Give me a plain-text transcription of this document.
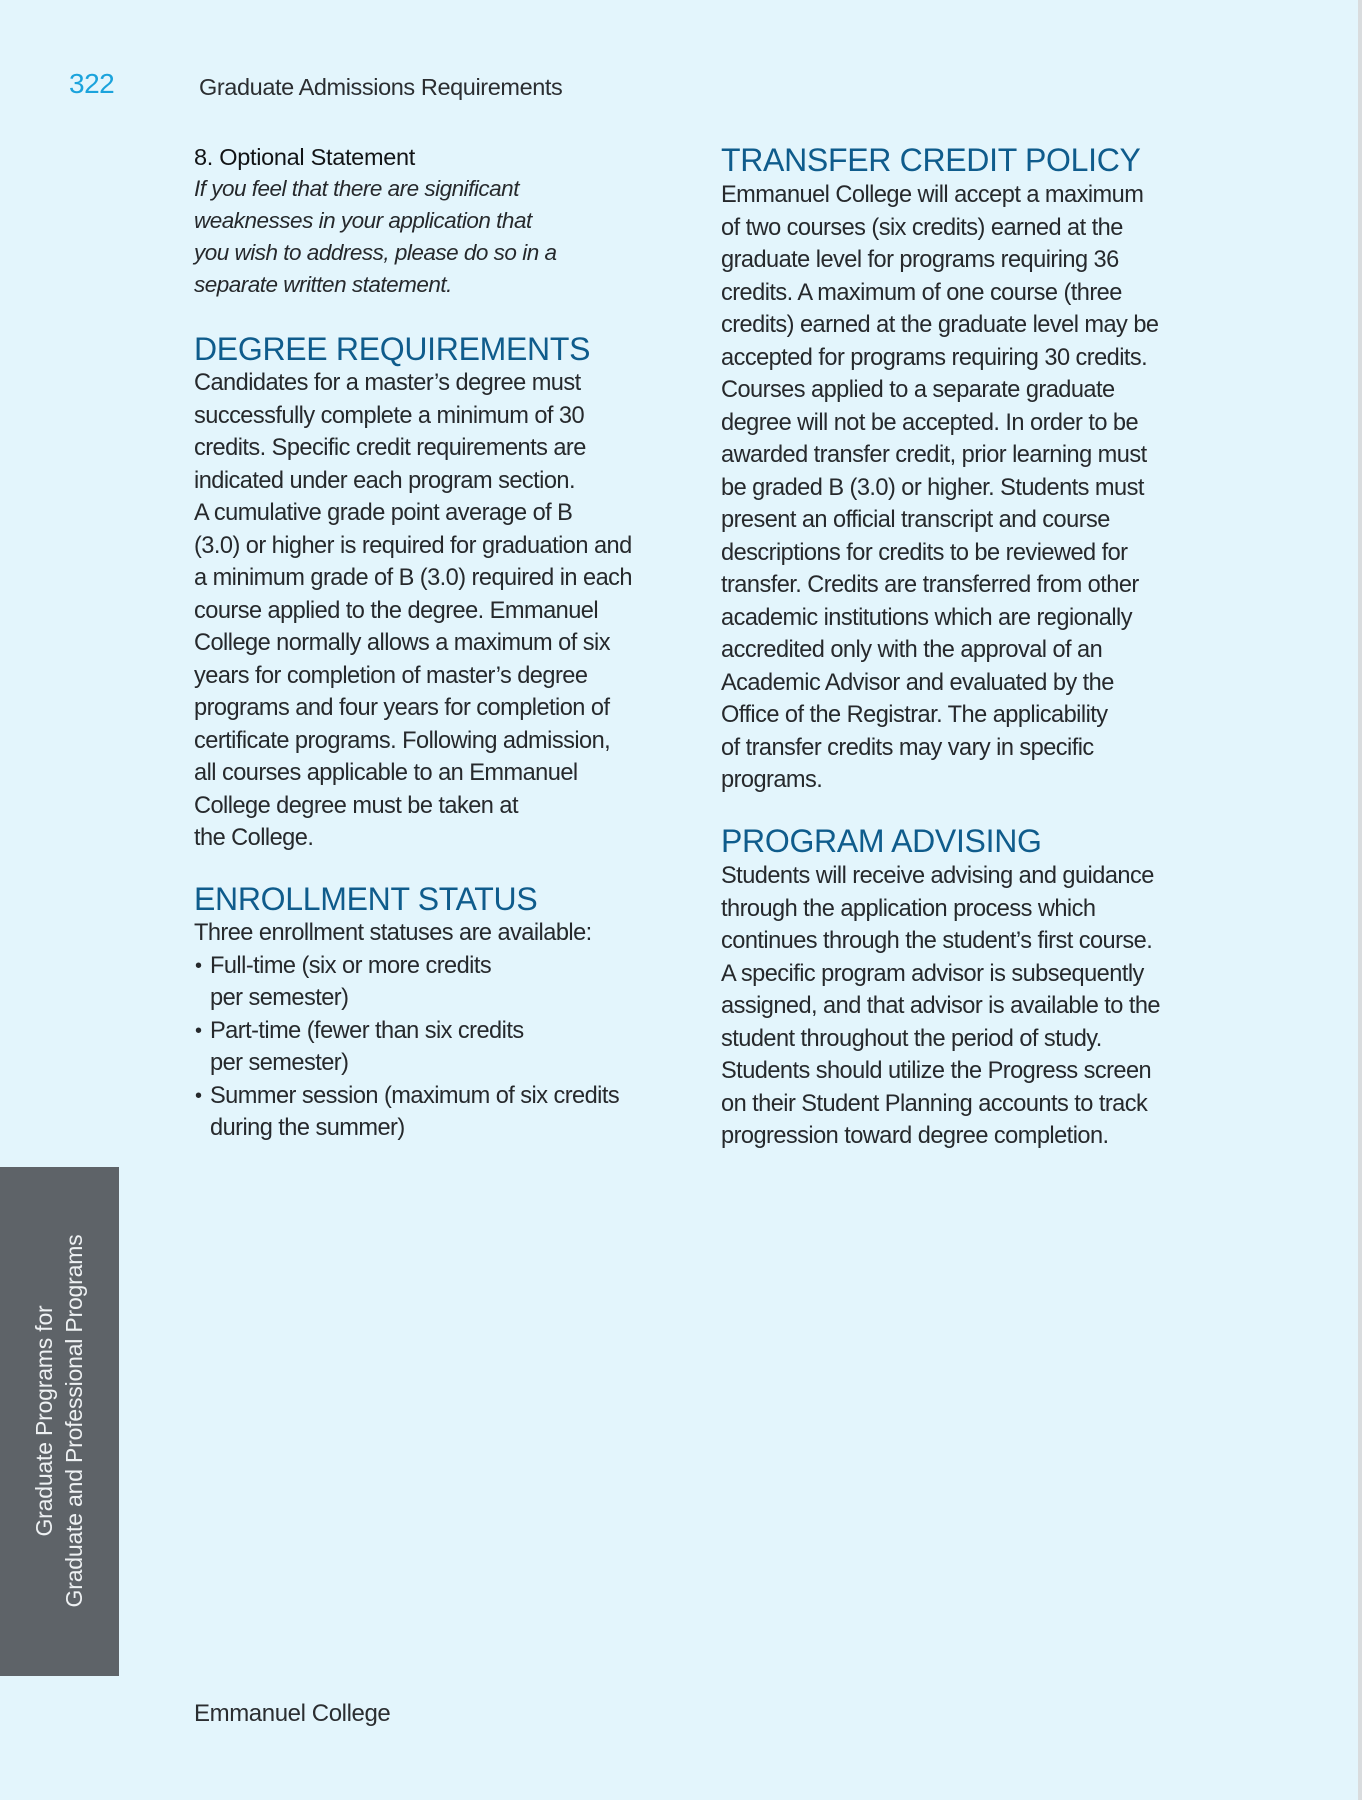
322	Graduate Admissions Requirements
8. Optional Statement
If you feel that there are significant
weaknesses in your application that
you wish to address, please do so in a
separate written statement.
DEGREE REQUIREMENTS
Candidates for a master’s degree must
successfully complete a minimum of 30
credits. Specific credit requirements are
indicated under each program section.
A cumulative grade point average of B
(3.0) or higher is required for graduation and
a minimum grade of B (3.0) required in each
course applied to the degree. Emmanuel
College normally allows a maximum of six
years for completion of master’s degree
programs and four years for completion of
certificate programs. Following admission,
all courses applicable to an Emmanuel
College degree must be taken at
the College.
ENROLLMENT STATUS
Three enrollment statuses are available:
• Full-time (six or more credits
per semester)
• Part-time (fewer than six credits
per semester)
• Summer session (maximum of six credits
during the summer)
TRANSFER CREDIT POLICY
Emmanuel College will accept a maximum
of two courses (six credits) earned at the
graduate level for programs requiring 36
credits. A maximum of one course (three
credits) earned at the graduate level may be
accepted for programs requiring 30 credits.
Courses applied to a separate graduate
degree will not be accepted. In order to be
awarded transfer credit, prior learning must
be graded B (3.0) or higher. Students must
present an official transcript and course
descriptions for credits to be reviewed for
transfer. Credits are transferred from other
academic institutions which are regionally
accredited only with the approval of an
Academic Advisor and evaluated by the
Office of the Registrar. The applicability
of transfer credits may vary in specific
programs.
PROGRAM ADVISING
Students will receive advising and guidance
through the application process which
continues through the student’s first course.
A specific program advisor is subsequently
assigned, and that advisor is available to the
student throughout the period of study.
Students should utilize the Progress screen
on their Student Planning accounts to track
progression toward degree completion.
Graduate Programs for Graduate and Professional Programs
Emmanuel College
